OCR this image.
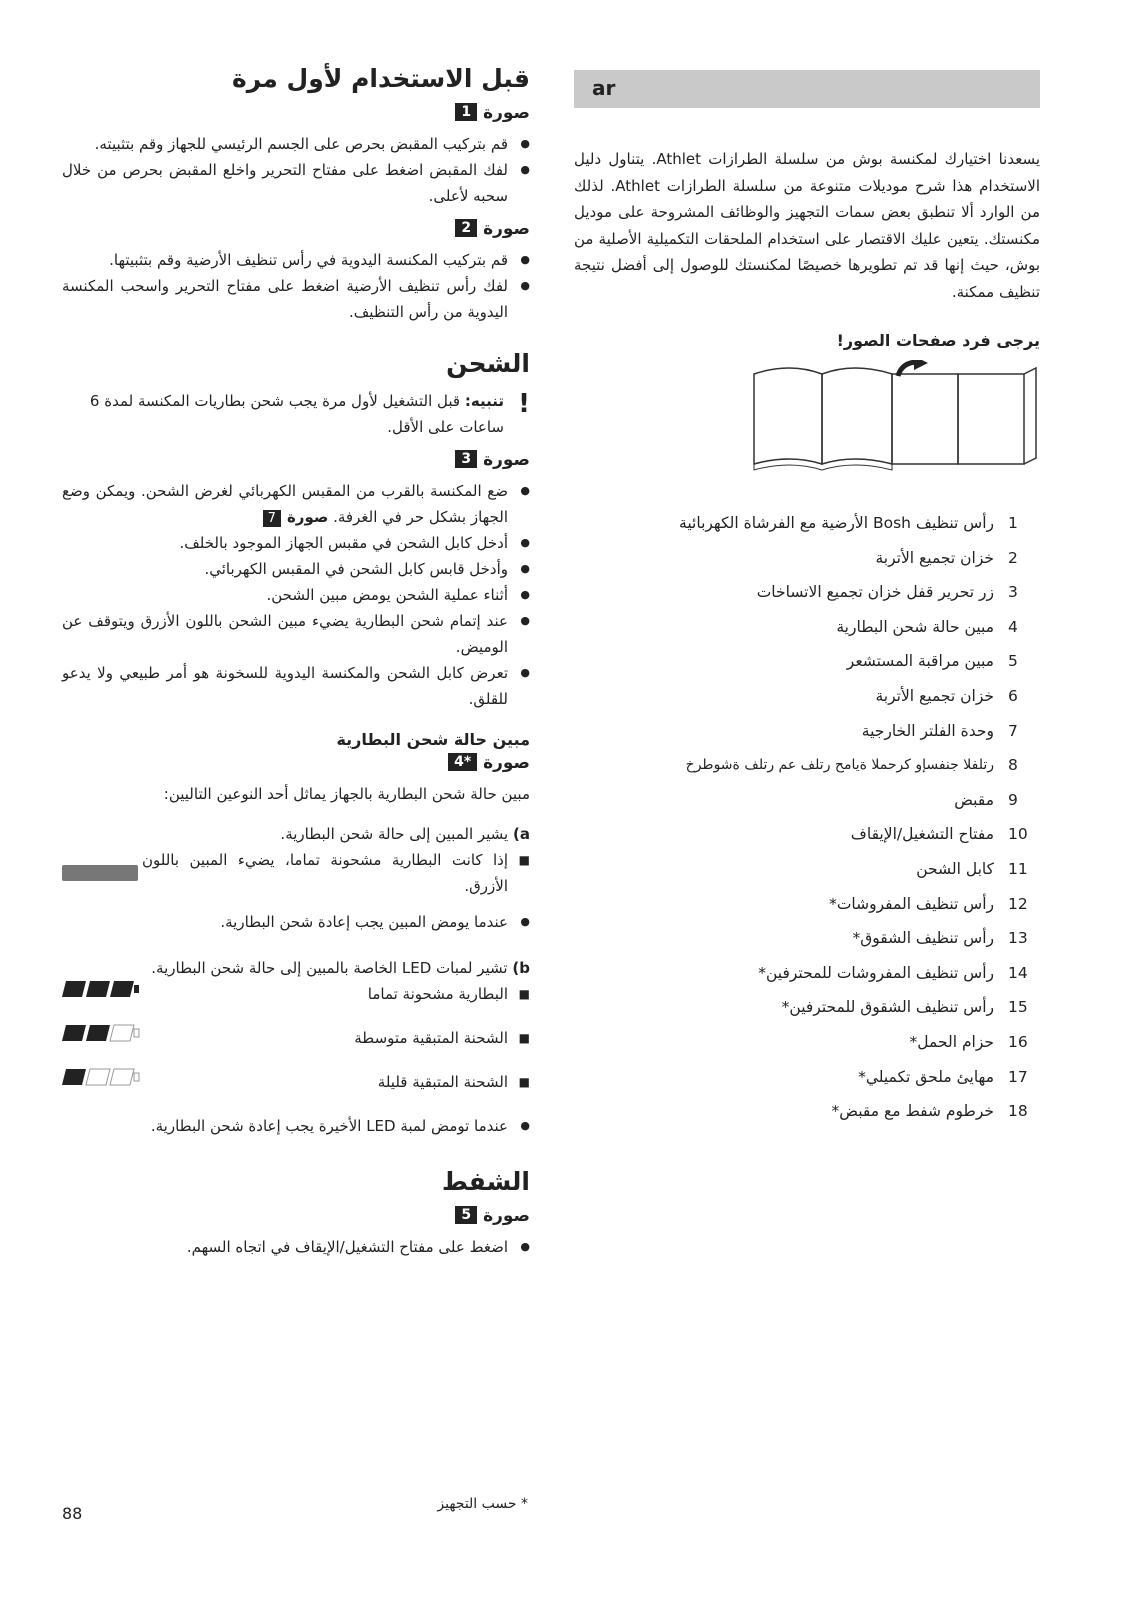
قبل الاستخدام لأول مرة

صورة 1

● قم بتركيب المقبض بحرص على الجسم الرئيسي للجهاز وقم بتثبيته.
● لفك المقبض اضغط على مفتاح التحرير واخلع المقبض بحرص من خلال سحبه لأعلى.

صورة 2

● قم بتركيب المكنسة اليدوية في رأس تنظيف الأرضية وقم بتثبيتها.
● لفك رأس تنظيف الأرضية اضغط على مفتاح التحرير واسحب المكنسة اليدوية من رأس التنظيف.

الشحن

!
تنبيه: قبل التشغيل لأول مرة يجب شحن بطاريات المكنسة لمدة 6 ساعات على الأقل.

صورة 3

● ضع المكنسة بالقرب من المقبس الكهربائي لغرض الشحن. ويمكن وضع الجهاز بشكل حر في الغرفة. صورة7
● أدخل كابل الشحن في مقبس الجهاز الموجود بالخلف.
● وأدخل قابس كابل الشحن في المقبس الكهربائي.
● أثناء عملية الشحن يومض مبين الشحن.
● عند إتمام شحن البطارية يضيء مبين الشحن باللون الأزرق ويتوقف عن الوميض.
● تعرض كابل الشحن والمكنسة اليدوية للسخونة هو أمر طبيعي ولا يدعو للقلق.

مبين حالة شحن البطارية

صورة 4*

مبين حالة شحن البطارية بالجهاز يماثل أحد النوعين التاليين:

a) يشير المبين إلى حالة شحن البطارية.

■ إذا كانت البطارية مشحونة تماما، يضيء المبين باللون الأزرق.
● عندما يومض المبين يجب إعادة شحن البطارية.

b) تشير لمبات LED الخاصة بالمبين إلى حالة شحن البطارية.

■ البطارية مشحونة تماما
■ الشحنة المتبقية متوسطة
■ الشحنة المتبقية قليلة
● عندما تومض لمبة LED الأخيرة يجب إعادة شحن البطارية.

الشفط

صورة 5

● اضغط على مفتاح التشغيل/الإيقاف في اتجاه السهم.
ar

يسعدنا اختيارك لمكنسة بوش من سلسلة الطرازات Athlet. يتناول دليل الاستخدام هذا شرح موديلات متنوعة من سلسلة الطرازات Athlet. لذلك من الوارد ألا تنطبق بعض سمات التجهيز والوظائف المشروحة على موديل مكنستك. يتعين عليك الاقتصار على استخدام الملحقات التكميلية الأصلية من بوش، حيث إنها قد تم تطويرها خصيصًا لمكنستك للوصول إلى أفضل نتيجة تنظيف ممكنة.

يرجى فرد صفحات الصور!

1
رأس تنظيف Bosh الأرضية مع الفرشاة الكهربائية
2
خزان تجميع الأتربة
3
زر تحرير قفل خزان تجميع الاتساخات
4
مبين حالة شحن البطارية
5
مبين مراقبة المستشعر
6
خزان تجميع الأتربة
7
وحدة الفلتر الخارجية
8
رتلفلا جنفسإو كرحملا ةيامح رتلف عم رتلف ةشوطرخ
9
مقبض
10
مفتاح التشغيل/الإيقاف
11
كابل الشحن
12
رأس تنظيف المفروشات*
13
رأس تنظيف الشقوق*
14
رأس تنظيف المفروشات للمحترفين*
15
رأس تنظيف الشقوق للمحترفين*
16
حزام الحمل*
17
مهايئ ملحق تكميلي*
18
خرطوم شفط مع مقبض*

* حسب التجهيز

88
